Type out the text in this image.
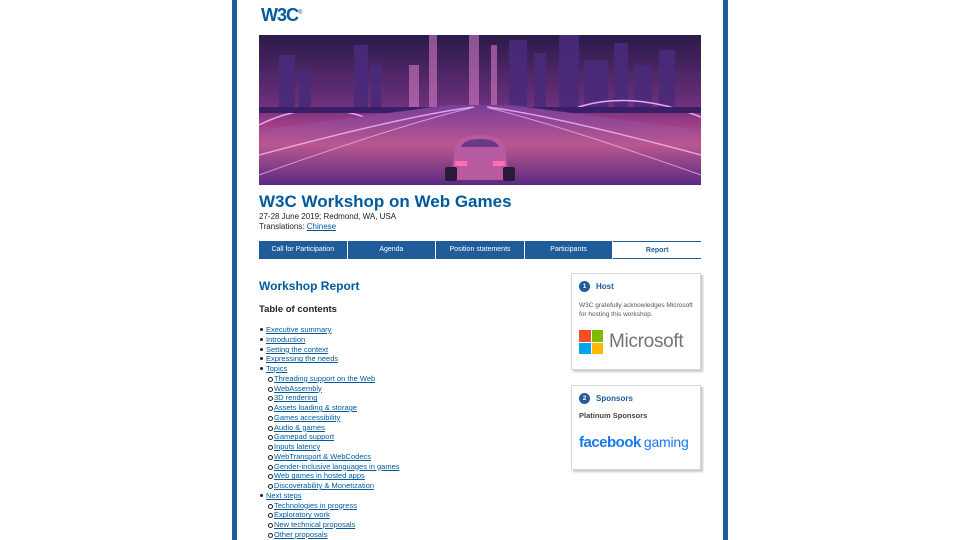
W3C®
W3C Workshop on Web Games
27-28 June 2019; Redmond, WA, USA
Translations: Chinese
Call for Participation	Agenda	Position statements	Participants	Report
Workshop Report
Table of contents
Executive summary
Introduction
Setting the context
Expressing the needs
Topics
Threading support on the Web
WebAssembly
3D rendering
Assets loading & storage
Games accessibility
Audio & games
Gamepad support
Inputs latency
WebTransport & WebCodecs
Gender-inclusive languages in games
Web games in hosted apps
Discoverability & Monetization
Next steps
Technologies in progress
Exploratory work
New technical proposals
Other proposals
1	Host
W3C gratefully acknowledges Microsoft for hosting this workshop.
Microsoft
2	Sponsors
Platinum Sponsors
facebook gaming
